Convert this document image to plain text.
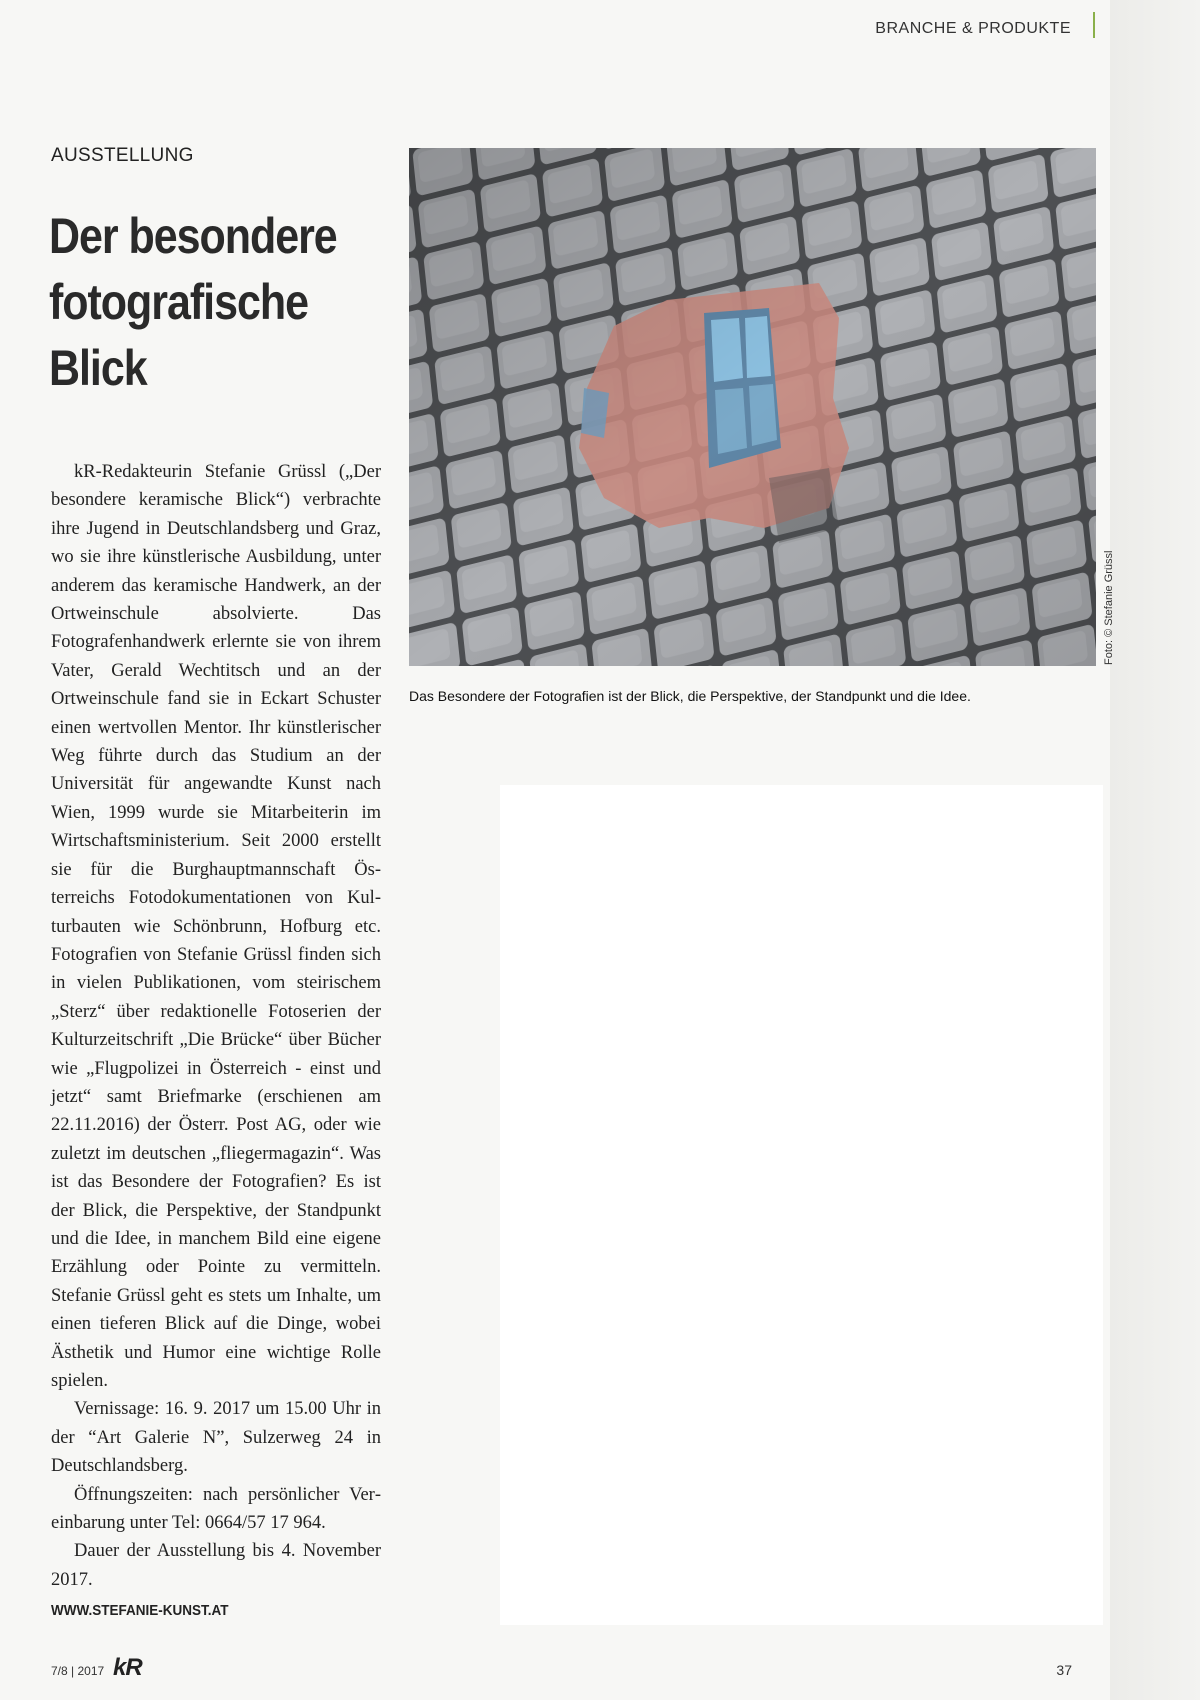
BRANCHE & PRODUKTE
AUSSTELLUNG
Der besondere
fotografische
Blick

kR-Redakteurin Stefanie Grüssl („Der besondere keramische Blick“) verbrachte ihre Jugend in Deutschlandsberg und Graz, wo sie ihre künstlerische Ausbildung, unter anderem das keramische Handwerk, an der Ortweinschule absolvierte. Das Fotografenhandwerk erlernte sie von ihrem Vater, Gerald Wechtitsch und an der Ortweinschule fand sie in Eckart Schuster einen wertvollen Mentor. Ihr künstlerischer Weg führte durch das Studium an der Universität für angewandte Kunst nach Wien, 1999 wurde sie Mitarbeiterin im Wirtschaftsministerium. Seit 2000 erstellt sie für die Burghauptmannschaft Österreichs Fotodokumentationen von Kulturbauten wie Schönbrunn, Hofburg etc. Fotografien von Stefanie Grüssl finden sich in vielen Publikationen, vom steirischem „Sterz“ über redaktionelle Fotoserien der Kulturzeitschrift „Die Brücke“ über Bücher wie „Flugpolizei in Österreich - einst und jetzt“ samt Briefmarke (erschienen am 22.11.2016) der Österr. Post AG, oder wie zuletzt im deutschen „fliegermagazin“. Was ist das Besondere der Fotografien? Es ist der Blick, die Perspektive, der Standpunkt und die Idee, in manchem Bild eine eigene Erzählung oder Pointe zu vermitteln. Stefanie Grüssl geht es stets um Inhalte, um einen tieferen Blick auf die Dinge, wobei Ästhetik und Humor eine wichtige Rolle spielen.

Vernissage: 16. 9. 2017 um 15.00 Uhr in der “Art Galerie N”, Sulzerweg 24 in Deutschlandsberg.

Öffnungszeiten: nach persönlicher Vereinbarung unter Tel: 0664/57 17 964.

Dauer der Ausstellung bis 4. November 2017.

WWW.STEFANIE-KUNST.AT
Das Besondere der Fotografien ist der Blick, die Perspektive, der Standpunkt und die Idee.
Foto: © Stefanie Grüssl
7/8 | 2017 kR	37
